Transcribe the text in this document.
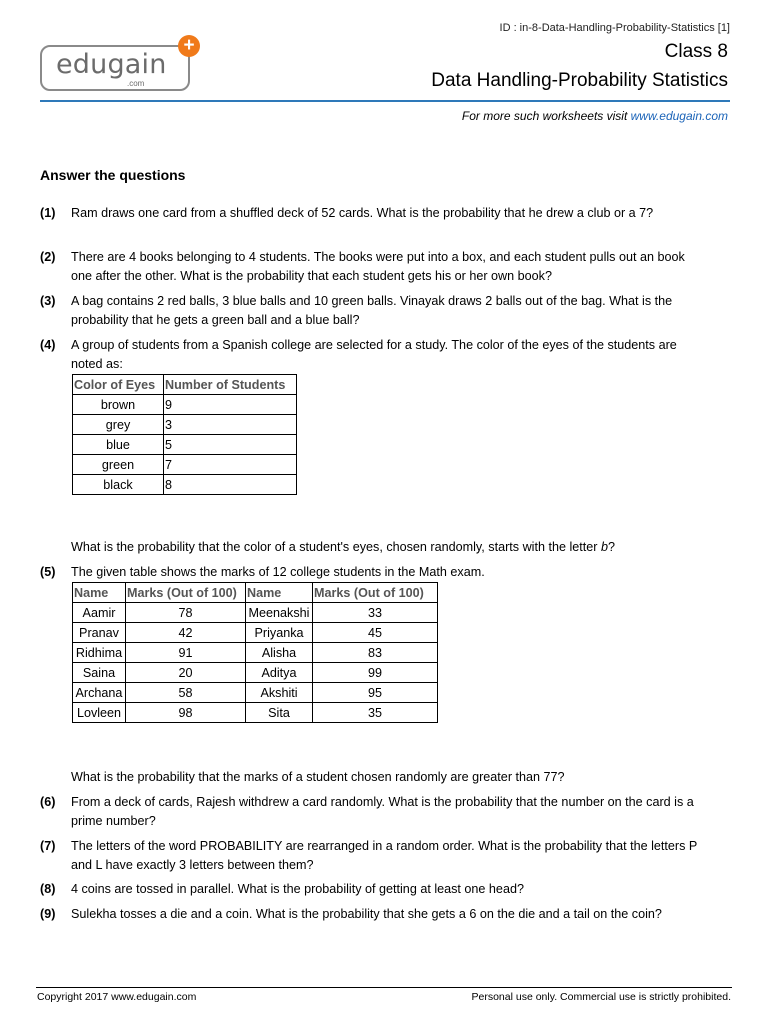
ID : in-8-Data-Handling-Probability-Statistics [1]
edugain
.com
+	Class 8
Data Handling-Probability Statistics
For more such worksheets visit www.edugain.com
Answer the questions
(1) Ram draws one card from a shuffled deck of 52 cards. What is the probability that he drew a club or a 7?
(2) There are 4 books belonging to 4 students. The books were put into a box, and each student pulls out an book one after the other. What is the probability that each student gets his or her own book?
(3) A bag contains 2 red balls, 3 blue balls and 10 green balls. Vinayak draws 2 balls out of the bag. What is the probability that he gets a green ball and a blue ball?
(4) A group of students from a Spanish college are selected for a study. The color of the eyes of the students are noted as:
Color of Eyes	Number of Students
brown	9
grey	3
blue	5
green	7
black	8
What is the probability that the color of a student's eyes, chosen randomly, starts with the letter b?
(5) The given table shows the marks of 12 college students in the Math exam.
Name	Marks (Out of 100)	Name	Marks (Out of 100)
Aamir	78	Meenakshi	33
Pranav	42	Priyanka	45
Ridhima	91	Alisha	83
Saina	20	Aditya	99
Archana	58	Akshiti	95
Lovleen	98	Sita	35
What is the probability that the marks of a student chosen randomly are greater than 77?
(6) From a deck of cards, Rajesh withdrew a card randomly. What is the probability that the number on the card is a prime number?
(7) The letters of the word PROBABILITY are rearranged in a random order. What is the probability that the letters P and L have exactly 3 letters between them?
(8) 4 coins are tossed in parallel. What is the probability of getting at least one head?
(9) Sulekha tosses a die and a coin. What is the probability that she gets a 6 on the die and a tail on the coin?
Copyright 2017 www.edugain.com	Personal use only. Commercial use is strictly prohibited.
